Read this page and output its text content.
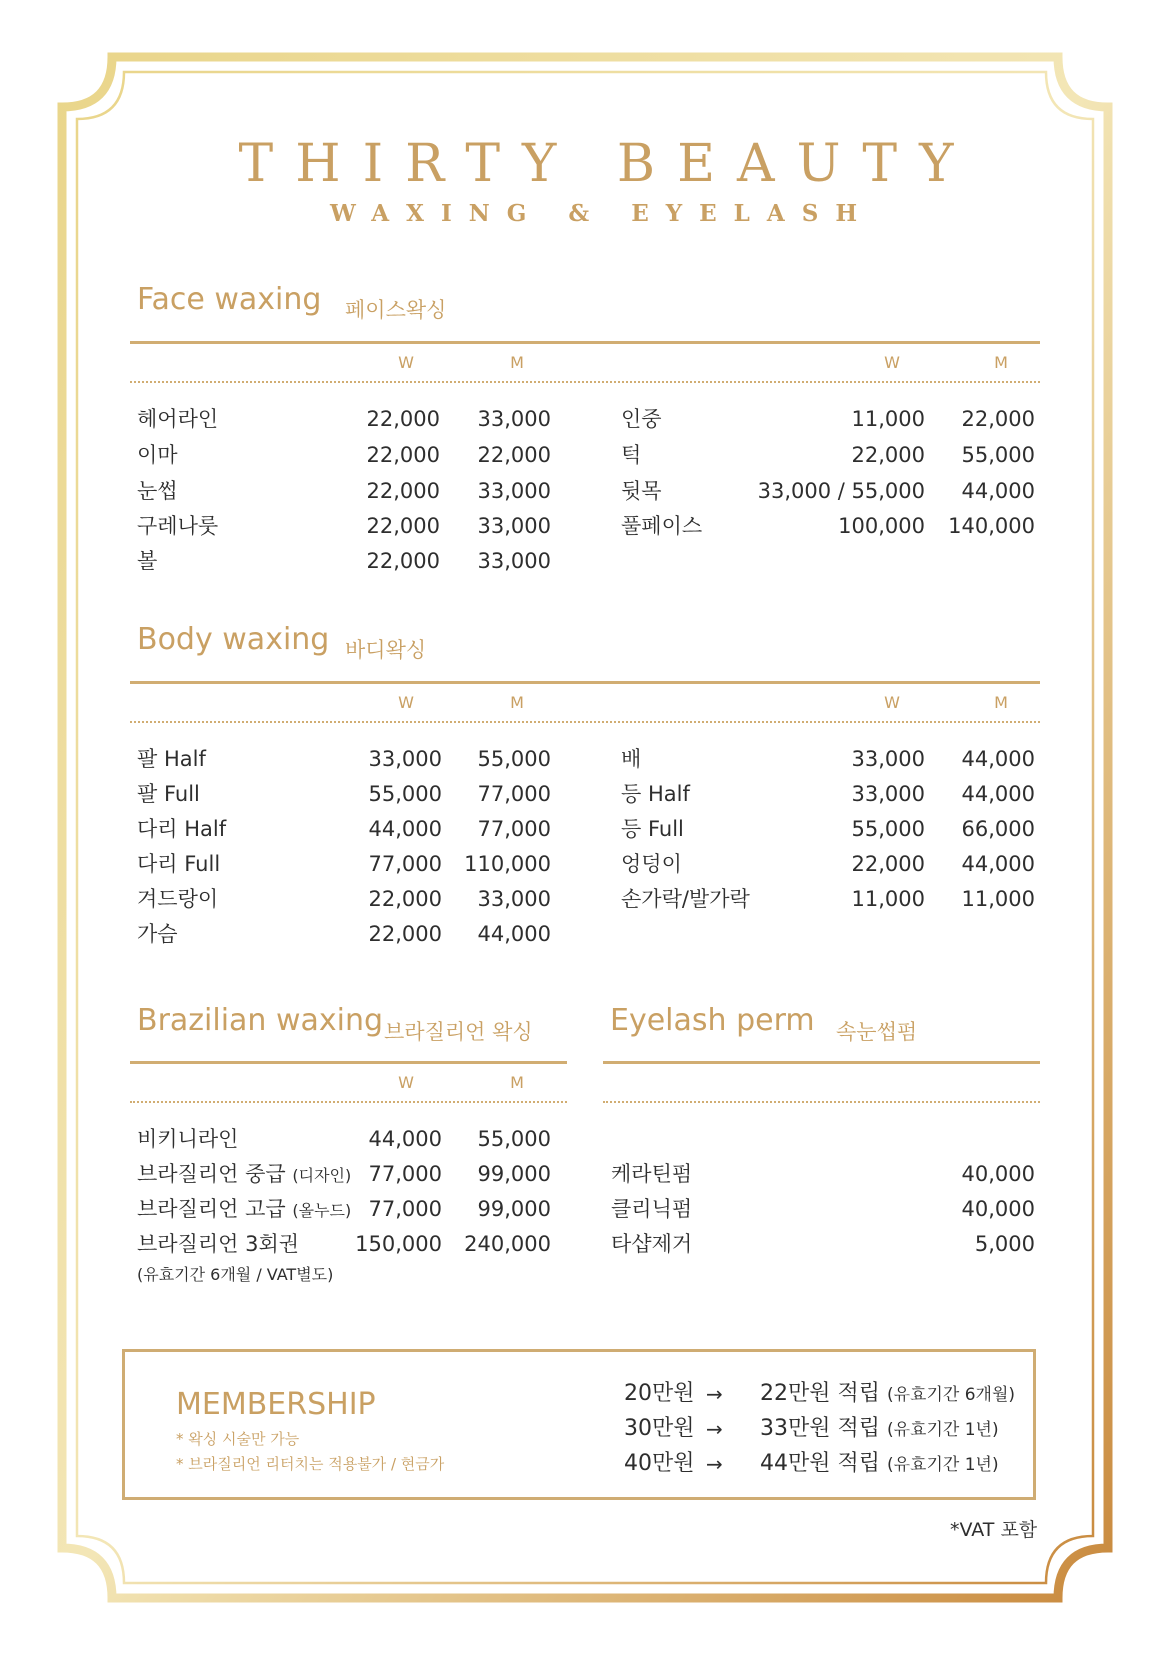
THIRTY BEAUTY
WAXING & EYELASH
Face waxing 페이스왁싱
W	M	W	M
헤어라인	22,000 33,000
이마	22,000 22,000
눈썹	22,000 33,000
구레나룻	22,000 33,000
볼	22,000 33,000
인중	11,000 22,000
턱	22,000 55,000
뒷목	33,000 / 55,000 44,000
풀페이스	100,000 140,000
Body waxing 바디왁싱
W	M	W	M
팔 Half	33,000 55,000
팔 Full	55,000 77,000
다리 Half	44,000 77,000
다리 Full	77,000 110,000
겨드랑이	22,000 33,000
가슴	22,000 44,000
배	33,000 44,000
등 Half	33,000 44,000
등 Full	55,000 66,000
엉덩이	22,000 44,000
손가락/발가락	11,000 11,000
Brazilian waxing 브라질리언 왁싱
W	M
비키니라인	44,000 55,000
브라질리언 중급 (디자인) 77,000 99,000
브라질리언 고급 (올누드) 77,000 99,000
브라질리언 3회권	150,000 240,000
(유효기간 6개월 / VAT별도)
Eyelash perm 속눈썹펌
케라틴펌	40,000
클리닉펌	40,000
타샵제거	5,000
MEMBERSHIP
* 왁싱 시술만 가능
* 브라질리언 리터치는 적용불가 / 현금가
20만원 → 22만원 적립 (유효기간 6개월)
30만원 → 33만원 적립 (유효기간 1년)
40만원 → 44만원 적립 (유효기간 1년)
*VAT 포함
